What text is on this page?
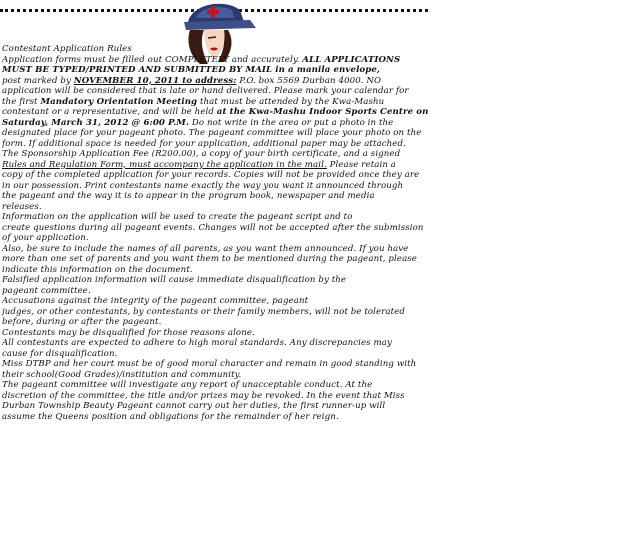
Contestant Application Rules
Application forms must be filled out COMPLETELY and accurately. ALL APPLICATIONS
MUST BE TYPED/PRINTED AND SUBMITTED BY MAIL in a manila envelope,
post marked by NOVEMBER 10, 2011 to address: P.O. box 5569 Durban 4000. NO
application will be considered that is late or hand delivered. Please mark your calendar for
the first Mandatory Orientation Meeting that must be attended by the Kwa-Mashu
contestant or a representative, and will be held at the Kwa-Mashu Indoor Sports Centre on
Saturday, March 31, 2012 @ 6:00 P.M. Do not write in the area or put a photo in the
designated place for your pageant photo. The pageant committee will place your photo on the
form. If additional space is needed for your application, additional paper may be attached.
The Sponsorship Application Fee (R200.00), a copy of your birth certificate, and a signed
Rules and Regulation Form, must accompany the application in the mail. Please retain a
copy of the completed application for your records. Copies will not be provided once they are
in our possession. Print contestants name exactly the way you want it announced through
the pageant and the way it is to appear in the program book, newspaper and media
releases.
Information on the application will be used to create the pageant script and to
create questions during all pageant events. Changes will not be accepted after the submission
of your application.
Also, be sure to include the names of all parents, as you want them announced. If you have
more than one set of parents and you want them to be mentioned during the pageant, please
indicate this information on the document.
Falsified application information will cause immediate disqualification by the
pageant committee.
Accusations against the integrity of the pageant committee, pageant
judges, or other contestants, by contestants or their family members, will not be tolerated
before, during or after the pageant.
Contestants may be disqualified for those reasons alone.
All contestants are expected to adhere to high moral standards. Any discrepancies may
cause for disqualification.
Miss DTBP and her court must be of good moral character and remain in good standing with
their school(Good Grades)/institution and community.
The pageant committee will investigate any report of unacceptable conduct. At the
discretion of the committee, the title and/or prizes may be revoked. In the event that Miss
Durban Township Beauty Pageant cannot carry out her duties, the first runner-up will
assume the Queens position and obligations for the remainder of her reign.
